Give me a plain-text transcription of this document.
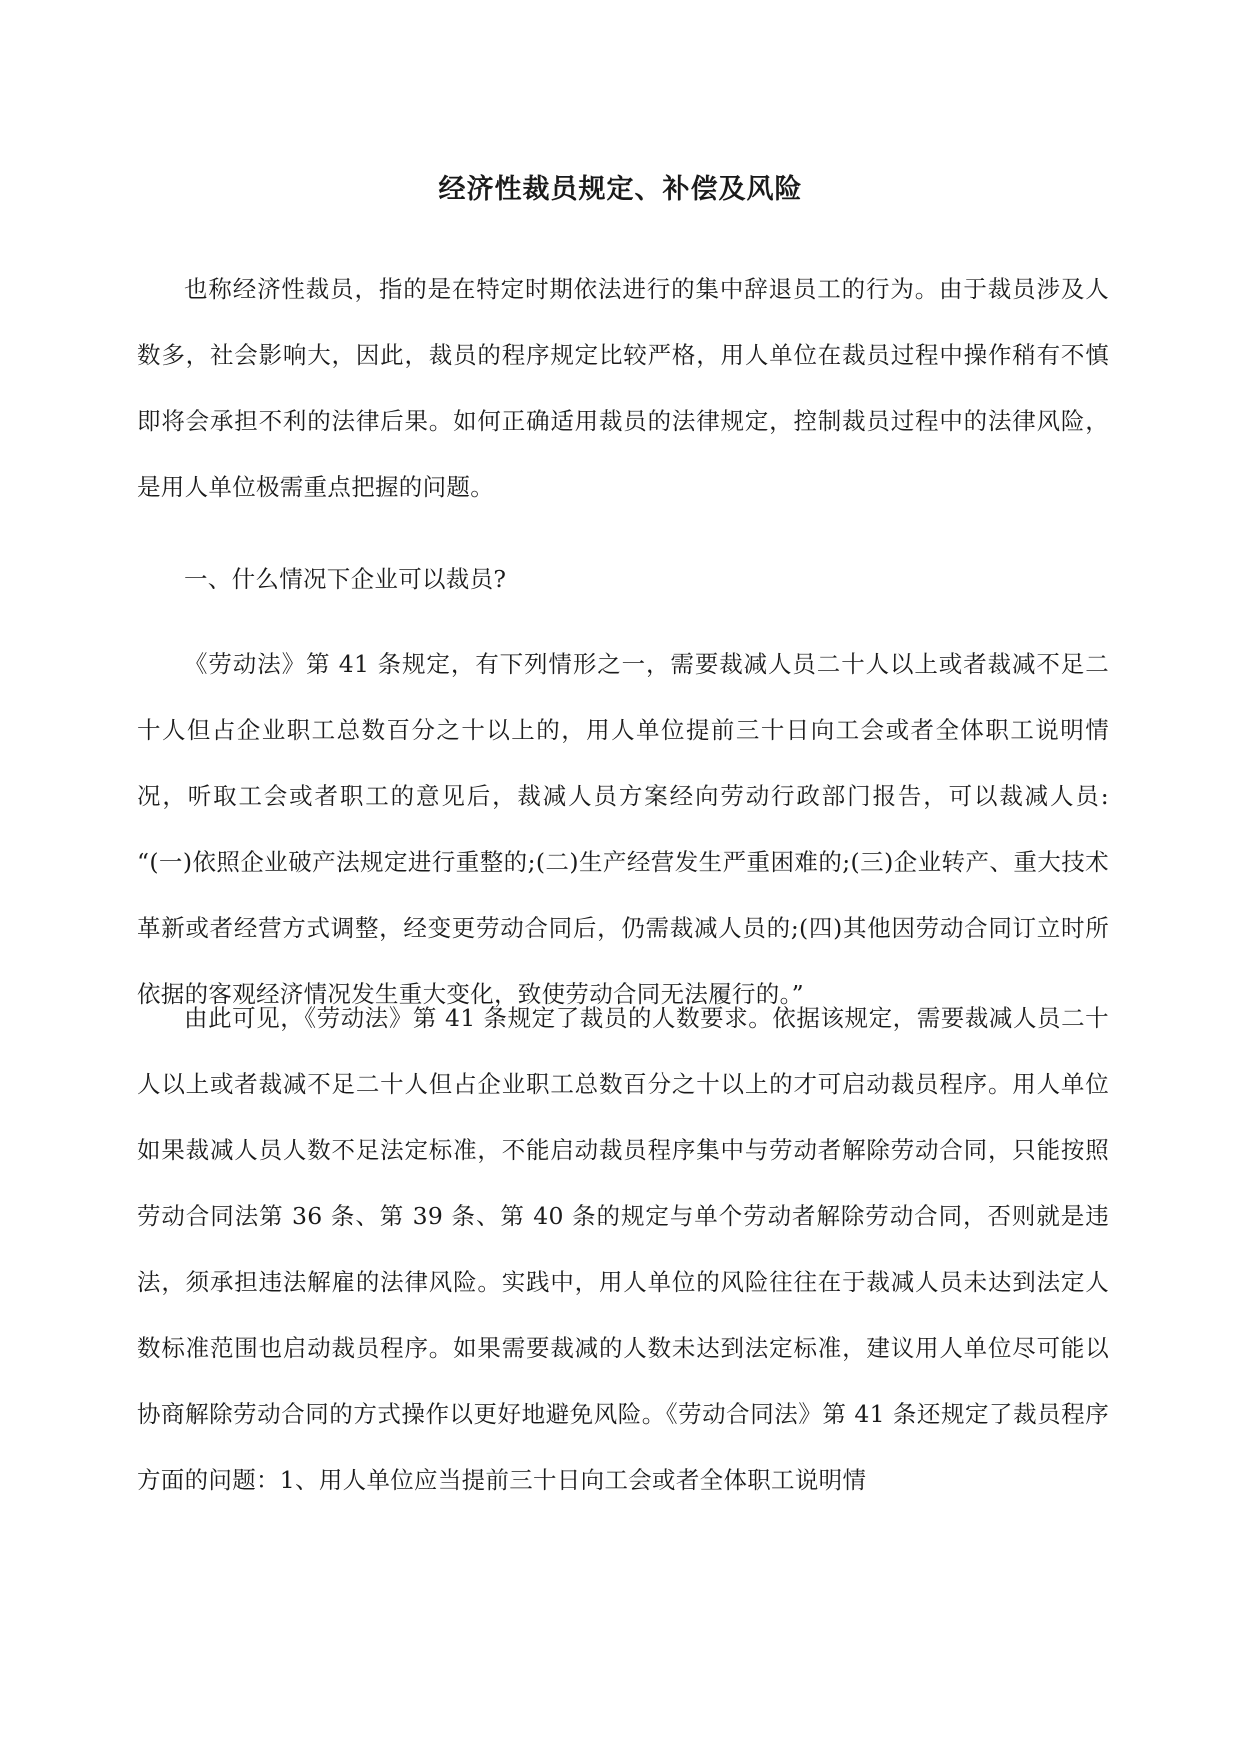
经济性裁员规定、补偿及风险

也称经济性裁员，指的是在特定时期依法进行的集中辞退员工的行为。由于裁员涉及人数多，社会影响大，因此，裁员的程序规定比较严格，用人单位在裁员过程中操作稍有不慎即将会承担不利的法律后果。如何正确适用裁员的法律规定，控制裁员过程中的法律风险，是用人单位极需重点把握的问题。

一、什么情况下企业可以裁员?

《劳动法》第 41 条规定，有下列情形之一，需要裁减人员二十人以上或者裁减不足二十人但占企业职工总数百分之十以上的，用人单位提前三十日向工会或者全体职工说明情况，听取工会或者职工的意见后，裁减人员方案经向劳动行政部门报告，可以裁减人员: “(一)依照企业破产法规定进行重整的;(二)生产经营发生严重困难的;(三)企业转产、重大技术革新或者经营方式调整，经变更劳动合同后，仍需裁减人员的;(四)其他因劳动合同订立时所依据的客观经济情况发生重大变化，致使劳动合同无法履行的。”

由此可见，《劳动法》第 41 条规定了裁员的人数要求。依据该规定，需要裁减人员二十人以上或者裁减不足二十人但占企业职工总数百分之十以上的才可启动裁员程序。用人单位如果裁减人员人数不足法定标准，不能启动裁员程序集中与劳动者解除劳动合同，只能按照劳动合同法第 36 条、第 39 条、第 40 条的规定与单个劳动者解除劳动合同，否则就是违法，须承担违法解雇的法律风险。实践中，用人单位的风险往往在于裁减人员未达到法定人数标准范围也启动裁员程序。如果需要裁减的人数未达到法定标准，建议用人单位尽可能以协商解除劳动合同的方式操作以更好地避免风险。《劳动合同法》第 41 条还规定了裁员程序方面的问题：1、用人单位应当提前三十日向工会或者全体职工说明情
